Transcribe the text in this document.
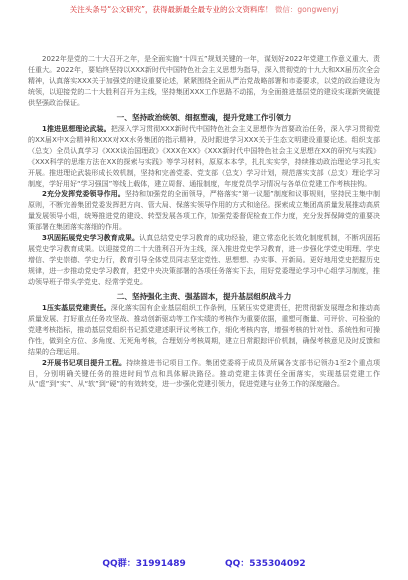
关注头条号“公文研究”，获得最新最全最专业的公文资料库！ 微信：gongwenyj

2022年是党的二十大召开之年，是全面实施“十四五”规划关键的一年，谋划好2022年党建工作意义重大、责任重大。2022年，要始终坚持以XXX新时代中国特色社会主义思想为指导，深入贯彻党的十九大和XX届历次全会精神，认真落实XXX关于加强党的建设重要论述，紧紧围绕全面从严治党战略部署和市委要求，以党的政治建设为统领，以迎接党的二十大胜利召开为主线，坚持集团XXX工作思路不动摇，为全面推进基层党的建设实现新突破提供坚强政治保证。

一、坚持政治统领、细抠塑魂，提升党建工作引领力

1推进思想理论武装。把深入学习贯彻XXX新时代中国特色社会主义思想作为首要政治任务，深入学习贯彻党的XX届X中X会精神和XXX对XX水务集团的指示精神，及时跟进学习XXX关于生态文明建设重要论述。组织支部（总支）全员认真学习《XXX谈治国理政》《XXX在XX》《XXX新时代中国特色社会主义思想在XX的研究与实践》《XXX科学的思维方法在XX的探索与实践》等学习材料，原原本本学，扎扎实实学，持续推动政治理论学习扎实开展。推进理论武装形成长效机制，坚持和完善党委、党支部（总支）学习计划，规范落实支部（总支）理论学习制度，学好用好“学习强国”等线上载体，建立周督、通报制度，年度党员学习情况与各单位党建工作考核挂钩。

2充分发挥党委领导作用。坚持和加强党的全面领导，严格落实“第一议题”制度和议事规则，坚持民主集中制原则，不断完善集团党委发挥把方向、管大局、保落实领导作用的方式和途径。探索成立集团高质量发展推动高质量发展领导小组，统筹推进党的建设、转型发展各项工作，加强党委督促检查工作力度，充分发挥保障党的重要决策部署在集团落实落细的作用。

3巩固拓展党史学习教育成果。认真总结党史学习教育的成功经验，建立常态化长效化制度机制，不断巩固拓展党史学习教育成果。以迎接党的二十大胜利召开为主线，深入推进党史学习教育，进一步强化学党史明理、学史增信、学史崇德、学史力行，教育引导全体党员同志坚定党性、思想想、办实事、开新局。更好地用党史把握历史规律，进一步推动党史学习教育，把党中央决策部署的各项任务落实下去，用好党委理论学习中心组学习制度，推动领导班子带头学党史、经常学党史。

二、坚持强化主责、强基固本，提升基层组织战斗力

1压实基层党建责任。深化落实国有企业基层组织工作条例，压紧压实党建责任，把贯彻新发展理念和推动高质量发展、打好重点任务攻坚战、推动创新驱动等工作实绩的考核作为重要依据，重塑可衡量、可评价、可检验的党建考核指标，推动基层党组织书记抓党建述职评议考核工作，细化考核内容，增强考核的针对性、系统性和可操作性，做到全方位、多角度、无死角考核，合理划分考核周期，建立日常跟踪评价机制，确保考核意见及时反馈和结果的合理运用。

2开展书记项目提升工程。持续推进书记项目工作。集团党委将于成员及所属各支部书记领办1至2个重点项目，分别明确关键任务的推进时间节点和具体解决路径。推动党建主体责任全面落实，实现基层党建工作从“虚”到“实”、从“软”到“硬”的有效转变，进一步强化党建引领力，促进党建与业务工作的深度融合。

QQ群：31991489	QQ：535304092
